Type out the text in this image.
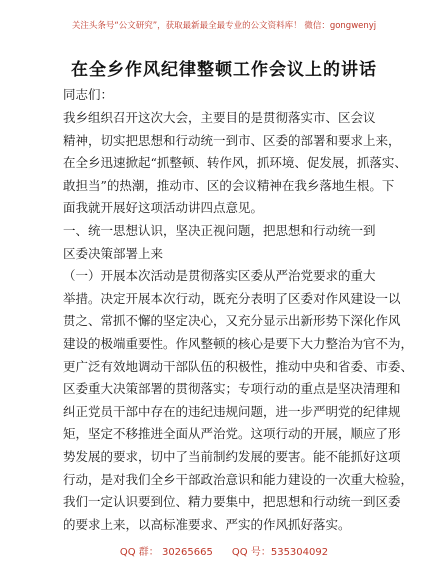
关注头条号“公文研究”，获取最新最全最专业的公文资料库！ 微信：gongwenyj
在全乡作风纪律整顿工作会议上的讲话
同志们：
我乡组织召开这次大会，主要目的是贯彻落实市、区会议
精神，切实把思想和行动统一到市、区委的部署和要求上来，
在全乡迅速掀起“抓整顿、转作风，抓环境、促发展，抓落实、
敢担当”的热潮，推动市、区的会议精神在我乡落地生根。下
面我就开展好这项活动讲四点意见。
一、统一思想认识，坚决正视问题，把思想和行动统一到
区委决策部署上来
（一）开展本次活动是贯彻落实区委从严治党要求的重大
举措。决定开展本次行动，既充分表明了区委对作风建设一以
贯之、常抓不懈的坚定决心，又充分显示出新形势下深化作风
建设的极端重要性。作风整顿的核心是要下大力整治为官不为，
更广泛有效地调动干部队伍的积极性，推动中央和省委、市委、
区委重大决策部署的贯彻落实；专项行动的重点是坚决清理和
纠正党员干部中存在的违纪违规问题，进一步严明党的纪律规
矩，坚定不移推进全面从严治党。这项行动的开展，顺应了形
势发展的要求，切中了当前制约发展的要害。能不能抓好这项
行动，是对我们全乡干部政治意识和能力建设的一次重大检验，
我们一定认识要到位、精力要集中，把思想和行动统一到区委
的要求上来，以高标准要求、严实的作风抓好落实。
QQ 群： 30265665      QQ 号：535304092
